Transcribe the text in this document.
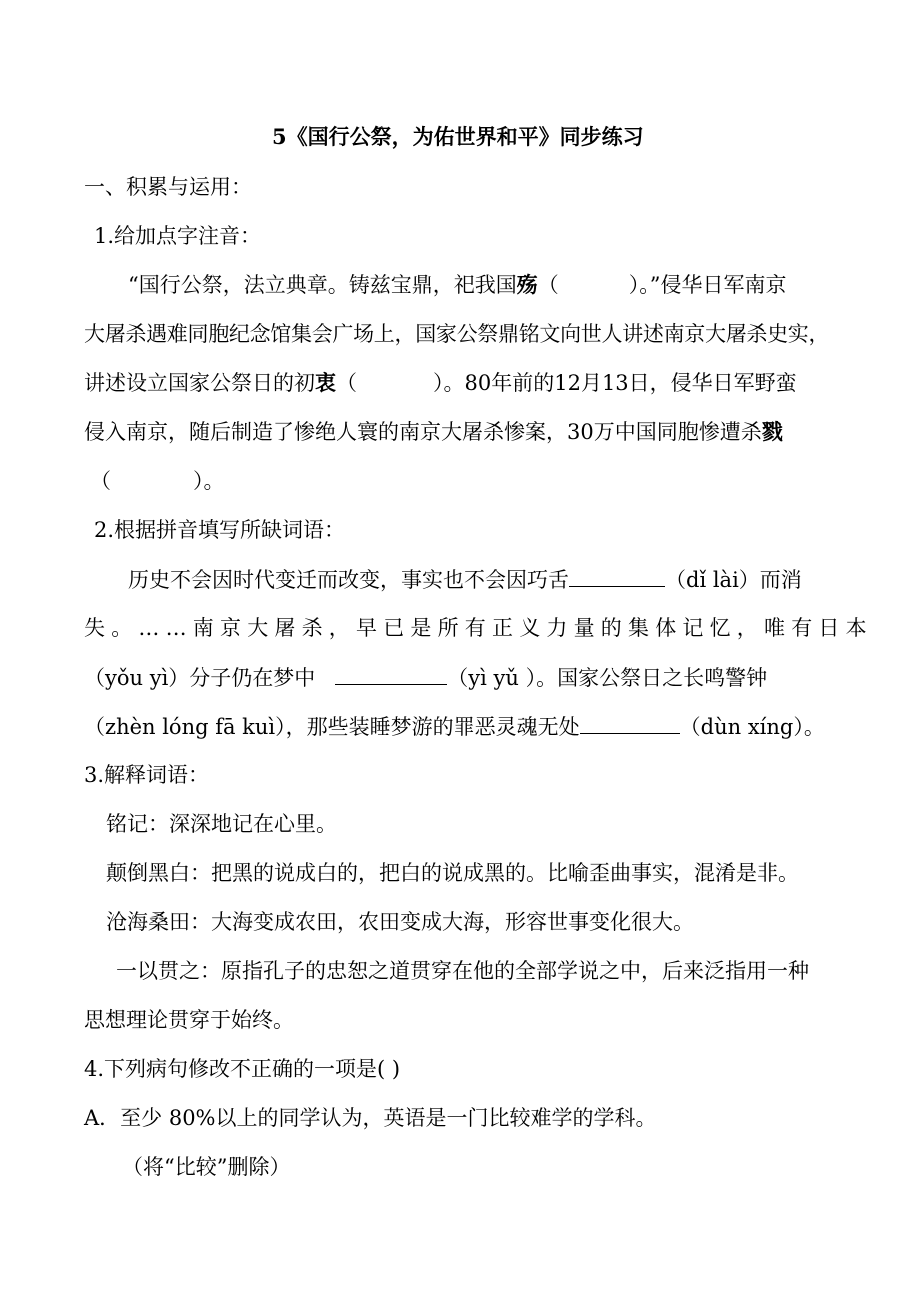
5《国行公祭，为佑世界和平》同步练习
一、积累与运用：
1.给加点字注音：
“国行公祭，法立典章。铸兹宝鼎，祀我国殇（	）。”侵华日军南京
大屠杀遇难同胞纪念馆集会广场上，国家公祭鼎铭文向世人讲述南京大屠杀史实，
讲述设立国家公祭日的初衷（	）。80年前的12月13日，侵华日军野蛮
侵入南京，随后制造了惨绝人寰的南京大屠杀惨案，30万中国同胞惨遭杀戮
（	）。
2.根据拼音填写所缺词语：
历史不会因时代变迁而改变，事实也不会因巧舌	（dǐ lài）而消
失。……南京大屠杀，早已是所有正义力量的集体记忆，唯有日本
（yǒu yì）分子仍在梦中	（yì yǔ ）。国家公祭日之长鸣警钟
（zhèn lóng fā kuì），那些装睡梦游的罪恶灵魂无处	（dùn xíng）。
3.解释词语：
铭记：深深地记在心里。
颠倒黑白：把黑的说成白的，把白的说成黑的。比喻歪曲事实，混淆是非。
沧海桑田：大海变成农田，农田变成大海，形容世事变化很大。
一以贯之：原指孔子的忠恕之道贯穿在他的全部学说之中，后来泛指用一种
思想理论贯穿于始终。
4.下列病句修改不正确的一项是( )
A．至少 80%以上的同学认为，英语是一门比较难学的学科。
（将“比较”删除）
